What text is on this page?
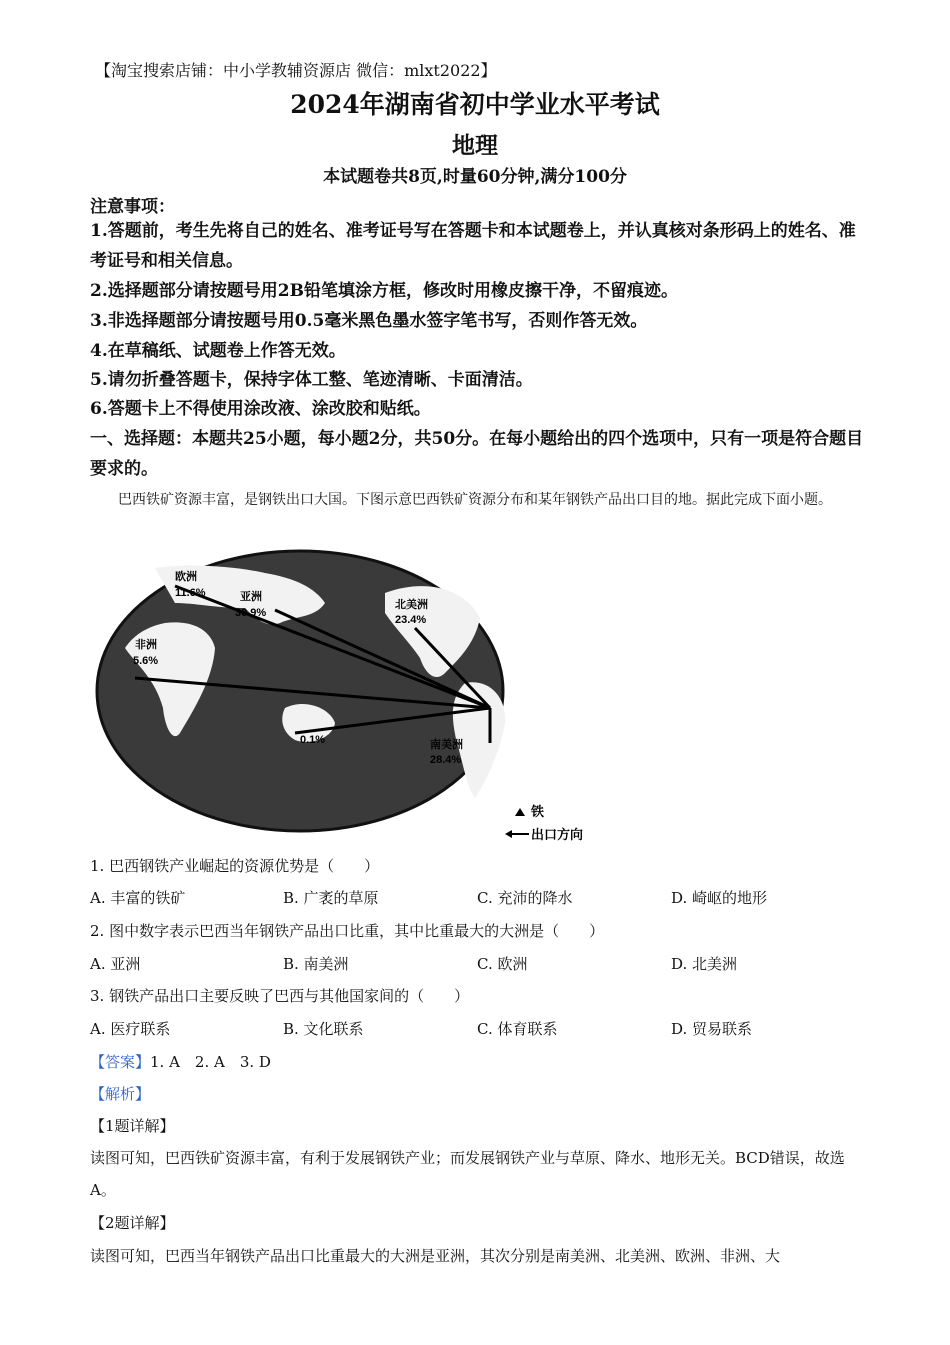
【淘宝搜索店铺：中小学教辅资源店 微信：mlxt2022】
2024年湖南省初中学业水平考试
地理
本试题卷共8页,时量60分钟,满分100分
注意事项：
1.答题前，考生先将自己的姓名、准考证号写在答题卡和本试题卷上，并认真核对条形码上的姓名、准考证号和相关信息。
2.选择题部分请按题号用2B铅笔填涂方框，修改时用橡皮擦干净，不留痕迹。
3.非选择题部分请按题号用0.5毫米黑色墨水签字笔书写，否则作答无效。
4.在草稿纸、试题卷上作答无效。
5.请勿折叠答题卡，保持字体工整、笔迹清晰、卡面清洁。
6.答题卡上不得使用涂改液、涂改胶和贴纸。
一、选择题：本题共25小题，每小题2分，共50分。在每小题给出的四个选项中，只有一项是符合题目要求的。
巴西铁矿资源丰富，是钢铁出口大国。下图示意巴西铁矿资源分布和某年钢铁产品出口目的地。据此完成下面小题。
欧洲
11.6%	亚洲
30.9%
北美洲
23.4%
非洲
5.6%
0.1%	南美洲
28.4%
铁
出口方向
1. 巴西钢铁产业崛起的资源优势是（　　）
A. 丰富的铁矿	B. 广袤的草原	C. 充沛的降水	D. 崎岖的地形
2. 图中数字表示巴西当年钢铁产品出口比重，其中比重最大的大洲是（　　）
A. 亚洲	B. 南美洲	C. 欧洲	D. 北美洲
3. 钢铁产品出口主要反映了巴西与其他国家间的（　　）
A. 医疗联系	B. 文化联系	C. 体育联系	D. 贸易联系
【答案】1. A　2. A　3. D
【解析】
【1题详解】
读图可知，巴西铁矿资源丰富，有利于发展钢铁产业；而发展钢铁产业与草原、降水、地形无关。BCD错误，故选A。
【2题详解】
读图可知，巴西当年钢铁产品出口比重最大的大洲是亚洲，其次分别是南美洲、北美洲、欧洲、非洲、大
